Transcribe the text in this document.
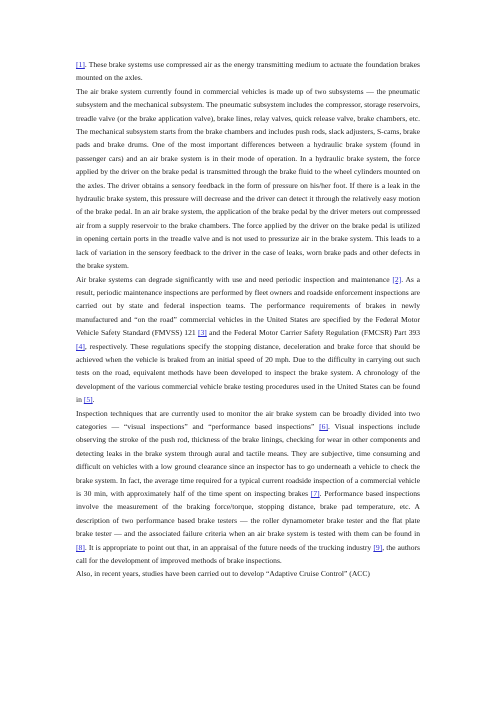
[1]. These brake systems use compressed air as the energy transmitting medium to actuate the foundation brakes mounted on the axles.

The air brake system currently found in commercial vehicles is made up of two subsystems — the pneumatic subsystem and the mechanical subsystem. The pneumatic subsystem includes the compressor, storage reservoirs, treadle valve (or the brake application valve), brake lines, relay valves, quick release valve, brake chambers, etc. The mechanical subsystem starts from the brake chambers and includes push rods, slack adjusters, S-cams, brake pads and brake drums. One of the most important differences between a hydraulic brake system (found in passenger cars) and an air brake system is in their mode of operation. In a hydraulic brake system, the force applied by the driver on the brake pedal is transmitted through the brake fluid to the wheel cylinders mounted on the axles. The driver obtains a sensory feedback in the form of pressure on his/her foot. If there is a leak in the hydraulic brake system, this pressure will decrease and the driver can detect it through the relatively easy motion of the brake pedal. In an air brake system, the application of the brake pedal by the driver meters out compressed air from a supply reservoir to the brake chambers. The force applied by the driver on the brake pedal is utilized in opening certain ports in the treadle valve and is not used to pressurize air in the brake system. This leads to a lack of variation in the sensory feedback to the driver in the case of leaks, worn brake pads and other defects in the brake system.

Air brake systems can degrade significantly with use and need periodic inspection and maintenance [2]. As a result, periodic maintenance inspections are performed by fleet owners and roadside enforcement inspections are carried out by state and federal inspection teams. The performance requirements of brakes in newly manufactured and “on the road” commercial vehicles in the United States are specified by the Federal Motor Vehicle Safety Standard (FMVSS) 121 [3] and the Federal Motor Carrier Safety Regulation (FMCSR) Part 393 [4], respectively. These regulations specify the stopping distance, deceleration and brake force that should be achieved when the vehicle is braked from an initial speed of 20 mph. Due to the difficulty in carrying out such tests on the road, equivalent methods have been developed to inspect the brake system. A chronology of the development of the various commercial vehicle brake testing procedures used in the United States can be found in [5].

Inspection techniques that are currently used to monitor the air brake system can be broadly divided into two categories — “visual inspections” and “performance based inspections” [6]. Visual inspections include observing the stroke of the push rod, thickness of the brake linings, checking for wear in other components and detecting leaks in the brake system through aural and tactile means. They are subjective, time consuming and difficult on vehicles with a low ground clearance since an inspector has to go underneath a vehicle to check the brake system. In fact, the average time required for a typical current roadside inspection of a commercial vehicle is 30 min, with approximately half of the time spent on inspecting brakes [7]. Performance based inspections involve the measurement of the braking force/torque, stopping distance, brake pad temperature, etc. A description of two performance based brake testers — the roller dynamometer brake tester and the flat plate brake tester — and the associated failure criteria when an air brake system is tested with them can be found in [8]. It is appropriate to point out that, in an appraisal of the future needs of the trucking industry [9], the authors call for the development of improved methods of brake inspections.

Also, in recent years, studies have been carried out to develop “Adaptive Cruise Control” (ACC)
